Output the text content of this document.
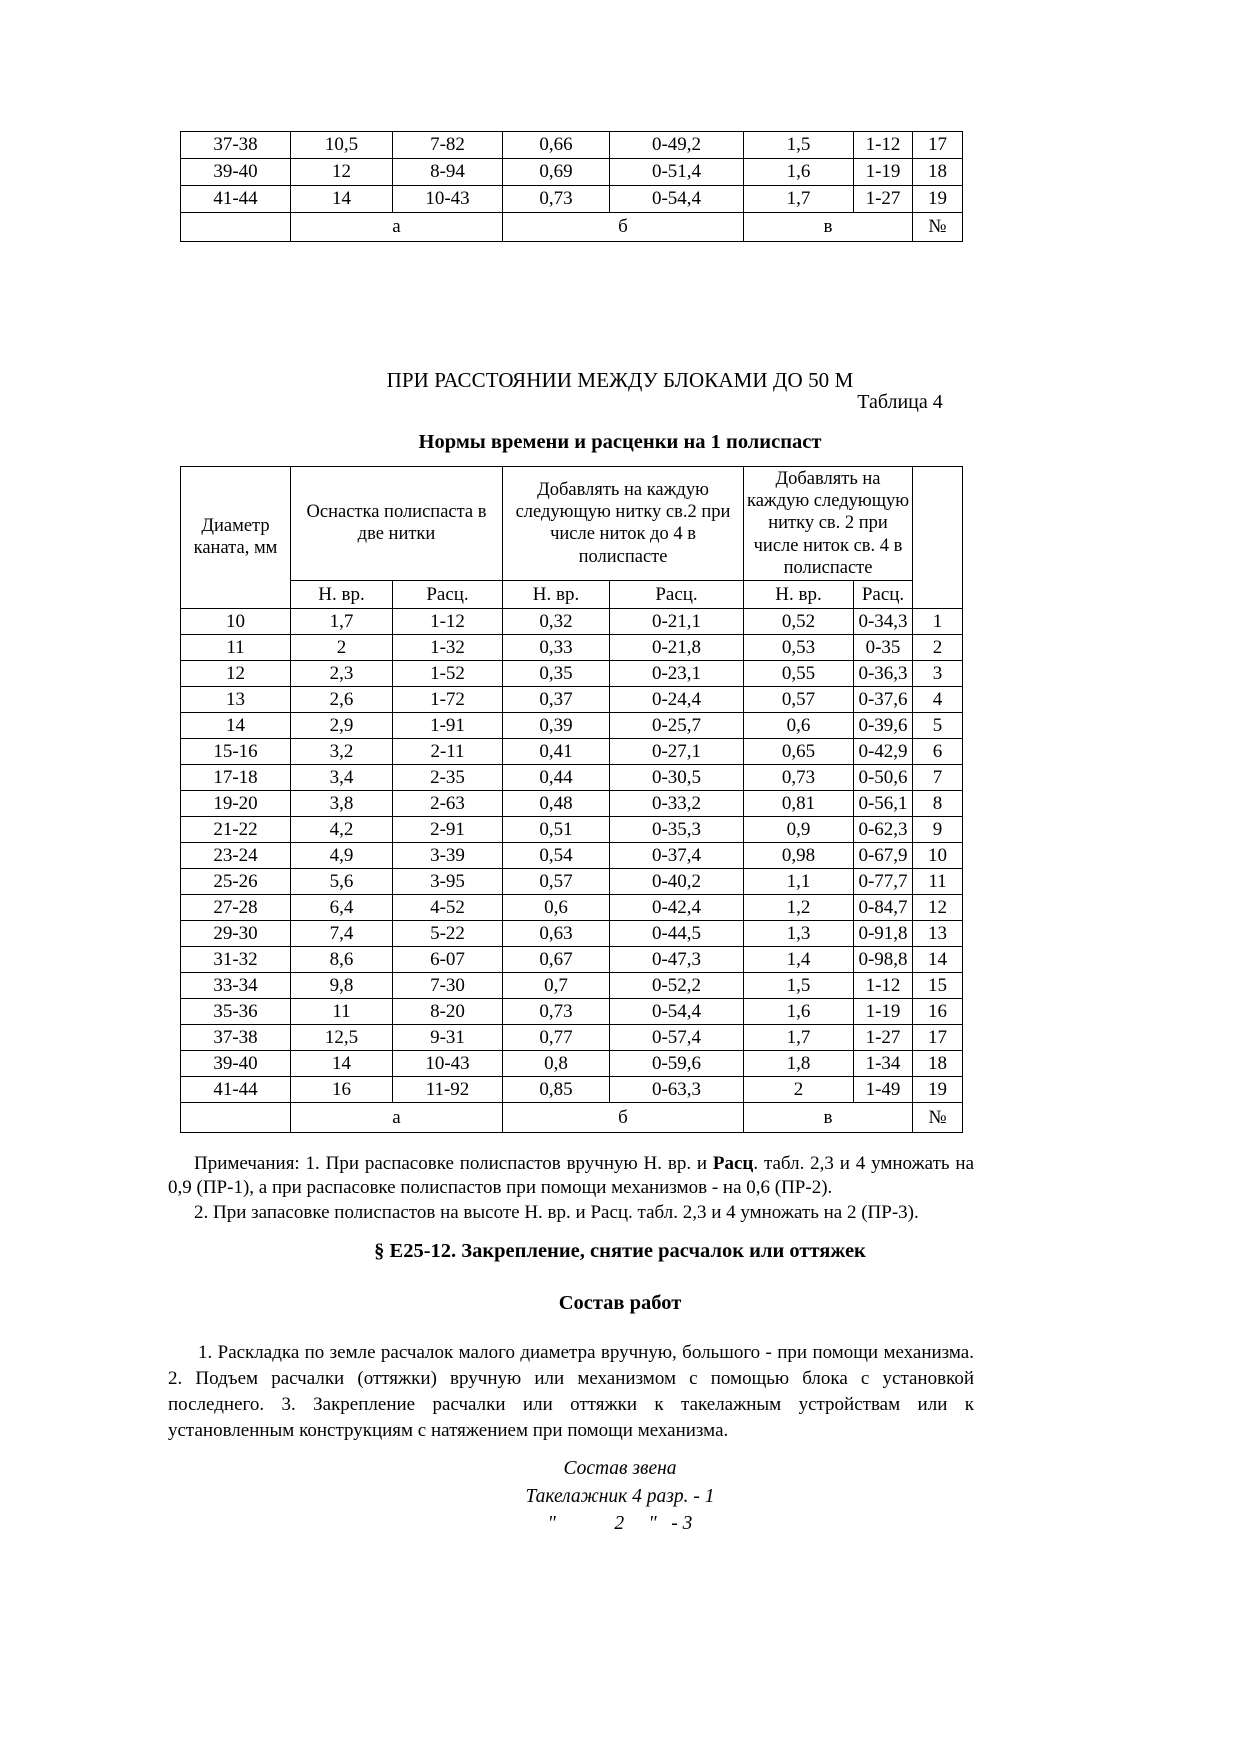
37-38	10,5	7-82	0,66	0-49,2	1,5	1-12	17
39-40	12	8-94	0,69	0-51,4	1,6	1-19	18
41-44	14	10-43	0,73	0-54,4	1,7	1-27	19
	а		б		в		№
ПРИ РАССТОЯНИИ МЕЖДУ БЛОКАМИ ДО 50 М
Таблица 4
Нормы времени и расценки на 1 полиспаст
Диаметр каната, мм	Оснастка полиспаста в две нитки		Добавлять на каждую следующую нитку св.2 при числе ниток до 4 в полиспасте		Добавлять на каждую следующую нитку св. 2 при числе ниток св. 4 в полиспасте		
	Н. вр.	Расц.	Н. вр.	Расц.	Н. вр.	Расц.	
10	1,7	1-12	0,32	0-21,1	0,52	0-34,3	1
11	2	1-32	0,33	0-21,8	0,53	0-35	2
12	2,3	1-52	0,35	0-23,1	0,55	0-36,3	3
13	2,6	1-72	0,37	0-24,4	0,57	0-37,6	4
14	2,9	1-91	0,39	0-25,7	0,6	0-39,6	5
15-16	3,2	2-11	0,41	0-27,1	0,65	0-42,9	6
17-18	3,4	2-35	0,44	0-30,5	0,73	0-50,6	7
19-20	3,8	2-63	0,48	0-33,2	0,81	0-56,1	8
21-22	4,2	2-91	0,51	0-35,3	0,9	0-62,3	9
23-24	4,9	3-39	0,54	0-37,4	0,98	0-67,9	10
25-26	5,6	3-95	0,57	0-40,2	1,1	0-77,7	11
27-28	6,4	4-52	0,6	0-42,4	1,2	0-84,7	12
29-30	7,4	5-22	0,63	0-44,5	1,3	0-91,8	13
31-32	8,6	6-07	0,67	0-47,3	1,4	0-98,8	14
33-34	9,8	7-30	0,7	0-52,2	1,5	1-12	15
35-36	11	8-20	0,73	0-54,4	1,6	1-19	16
37-38	12,5	9-31	0,77	0-57,4	1,7	1-27	17
39-40	14	10-43	0,8	0-59,6	1,8	1-34	18
41-44	16	11-92	0,85	0-63,3	2	1-49	19
	а		б		в		№

Примечания: 1. При распасовке полиспастов вручную Н. вр. и Расц. табл. 2,3 и 4 умножать на 0,9 (ПР-1), а при распасовке полиспастов при помощи механизмов - на 0,6 (ПР-2).

2. При запасовке полиспастов на высоте Н. вр. и Расц. табл. 2,3 и 4 умножать на 2 (ПР-3).

§ Е25-12. Закрепление, снятие расчалок или оттяжек
Состав работ
1. Раскладка по земле расчалок малого диаметра вручную, большого - при помощи механизма. 2. Подъем расчалки (оттяжки) вручную или механизмом с помощью блока с установкой последнего. 3. Закрепление расчалки или оттяжки к такелажным устройствам или к установленным конструкциям с натяжением при помощи механизма.
Состав звена
Такелажник 4 разр. - 1
"            2     "   - 3
